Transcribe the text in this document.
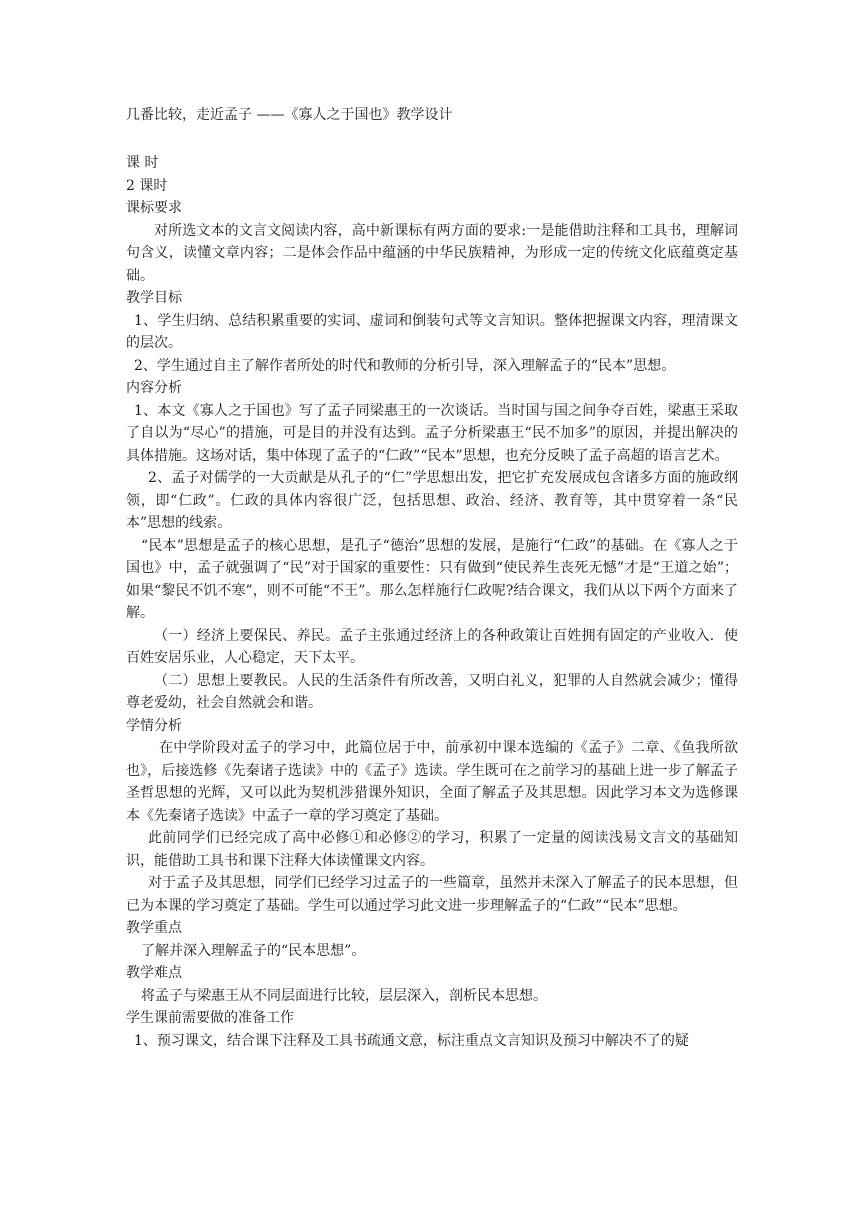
几番比较，走近孟子 ——《寡人之于国也》教学设计

课 时

2 课时

课标要求

对所选文本的文言文阅读内容，高中新课标有两方面的要求:一是能借助注释和工具书，理解词句含义，读懂文章内容；二是体会作品中蕴涵的中华民族精神，为形成一定的传统文化底蕴奠定基础。

教学目标

1、学生归纳、总结积累重要的实词、虚词和倒装句式等文言知识。整体把握课文内容，理清课文的层次。

2、学生通过自主了解作者所处的时代和教师的分析引导，深入理解孟子的“民本”思想。

内容分析

1、本文《寡人之于国也》写了孟子同梁惠王的一次谈话。当时国与国之间争夺百姓，梁惠王采取了自以为“尽心”的措施，可是目的并没有达到。孟子分析梁惠王“民不加多”的原因，并提出解决的具体措施。这场对话，集中体现了孟子的“仁政”“民本”思想，也充分反映了孟子高超的语言艺术。

2、孟子对儒学的一大贡献是从孔子的“仁”学思想出发，把它扩充发展成包含诸多方面的施政纲领，即“仁政”。仁政的具体内容很广泛，包括思想、政治、经济、教育等，其中贯穿着一条“民本”思想的线索。

“民本”思想是孟子的核心思想，是孔子“德治”思想的发展，是施行“仁政”的基础。在《寡人之于国也》中，孟子就强调了“民”对于国家的重要性：只有做到“使民养生丧死无憾”才是“王道之始”；如果“黎民不饥不寒”，则不可能“不王”。那么怎样施行仁政呢?结合课文，我们从以下两个方面来了解。

（一）经济上要保民、养民。孟子主张通过经济上的各种政策让百姓拥有固定的产业收入．使百姓安居乐业，人心稳定，天下太平。

（二）思想上要教民。人民的生活条件有所改善，又明白礼义，犯罪的人自然就会减少；懂得尊老爱幼，社会自然就会和谐。

学情分析

在中学阶段对孟子的学习中，此篇位居于中，前承初中课本选编的《孟子》二章、《鱼我所欲也》，后接选修《先秦诸子选读》中的《孟子》选读。学生既可在之前学习的基础上进一步了解孟子圣哲思想的光辉，又可以此为契机涉猎课外知识，全面了解孟子及其思想。因此学习本文为选修课本《先秦诸子选读》中孟子一章的学习奠定了基础。

此前同学们已经完成了高中必修①和必修②的学习，积累了一定量的阅读浅易文言文的基础知识，能借助工具书和课下注释大体读懂课文内容。

对于孟子及其思想，同学们已经学习过孟子的一些篇章，虽然并未深入了解孟子的民本思想，但已为本课的学习奠定了基础。学生可以通过学习此文进一步理解孟子的“仁政”“民本”思想。

教学重点

了解并深入理解孟子的“民本思想”。

教学难点

将孟子与梁惠王从不同层面进行比较，层层深入，剖析民本思想。

学生课前需要做的准备工作

1、预习课文，结合课下注释及工具书疏通文意，标注重点文言知识及预习中解决不了的疑
